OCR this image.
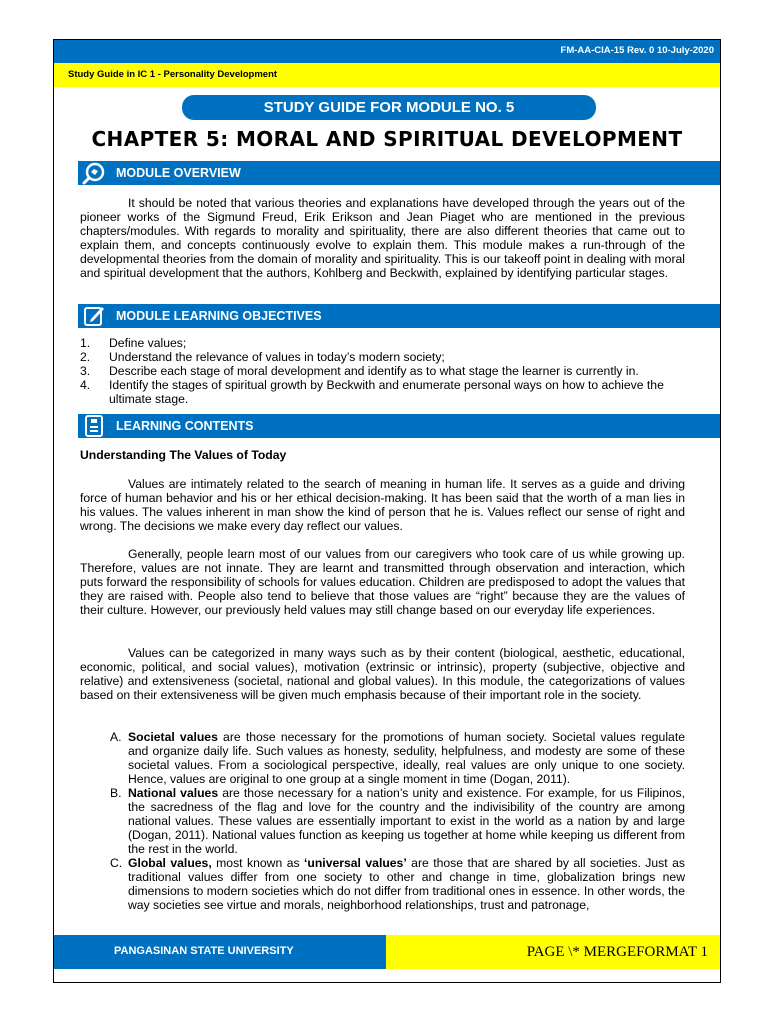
FM-AA-CIA-15 Rev. 0 10-July-2020
Study Guide in IC 1 - Personality Development
STUDY GUIDE FOR MODULE NO. 5
CHAPTER 5: MORAL AND SPIRITUAL DEVELOPMENT
MODULE OVERVIEW
It should be noted that various theories and explanations have developed through the years out of the pioneer works of the Sigmund Freud, Erik Erikson and Jean Piaget who are mentioned in the previous chapters/modules. With regards to morality and spirituality, there are also different theories that came out to explain them, and concepts continuously evolve to explain them. This module makes a run-through of the developmental theories from the domain of morality and spirituality. This is our takeoff point in dealing with moral and spiritual development that the authors, Kohlberg and Beckwith, explained by identifying particular stages.
MODULE LEARNING OBJECTIVES
1.	Define values;
2.	Understand the relevance of values in today’s modern society;
3.	Describe each stage of moral development and identify as to what stage the learner is currently in.
4.	Identify the stages of spiritual growth by Beckwith and enumerate personal ways on how to achieve the ultimate stage.
LEARNING CONTENTS
Understanding The Values of Today
Values are intimately related to the search of meaning in human life. It serves as a guide and driving force of human behavior and his or her ethical decision-making. It has been said that the worth of a man lies in his values. The values inherent in man show the kind of person that he is. Values reflect our sense of right and wrong. The decisions we make every day reflect our values.
Generally, people learn most of our values from our caregivers who took care of us while growing up. Therefore, values are not innate. They are learnt and transmitted through observation and interaction, which puts forward the responsibility of schools for values education. Children are predisposed to adopt the values that they are raised with. People also tend to believe that those values are “right” because they are the values of their culture. However, our previously held values may still change based on our everyday life experiences.
Values can be categorized in many ways such as by their content (biological, aesthetic, educational, economic, political, and social values), motivation (extrinsic or intrinsic), property (subjective, objective and relative) and extensiveness (societal, national and global values). In this module, the categorizations of values based on their extensiveness will be given much emphasis because of their important role in the society.
A. Societal values are those necessary for the promotions of human society. Societal values regulate and organize daily life. Such values as honesty, sedulity, helpfulness, and modesty are some of these societal values. From a sociological perspective, ideally, real values are only unique to one society. Hence, values are original to one group at a single moment in time (Dogan, 2011).
B. National values are those necessary for a nation’s unity and existence. For example, for us Filipinos, the sacredness of the flag and love for the country and the indivisibility of the country are among national values. These values are essentially important to exist in the world as a nation by and large (Dogan, 2011). National values function as keeping us together at home while keeping us different from the rest in the world.
C. Global values, most known as ‘universal values’ are those that are shared by all societies. Just as traditional values differ from one society to other and change in time, globalization brings new dimensions to modern societies which do not differ from traditional ones in essence. In other words, the way societies see virtue and morals, neighborhood relationships, trust and patronage,
PANGASINAN STATE UNIVERSITY	PAGE \* MERGEFORMAT 1
